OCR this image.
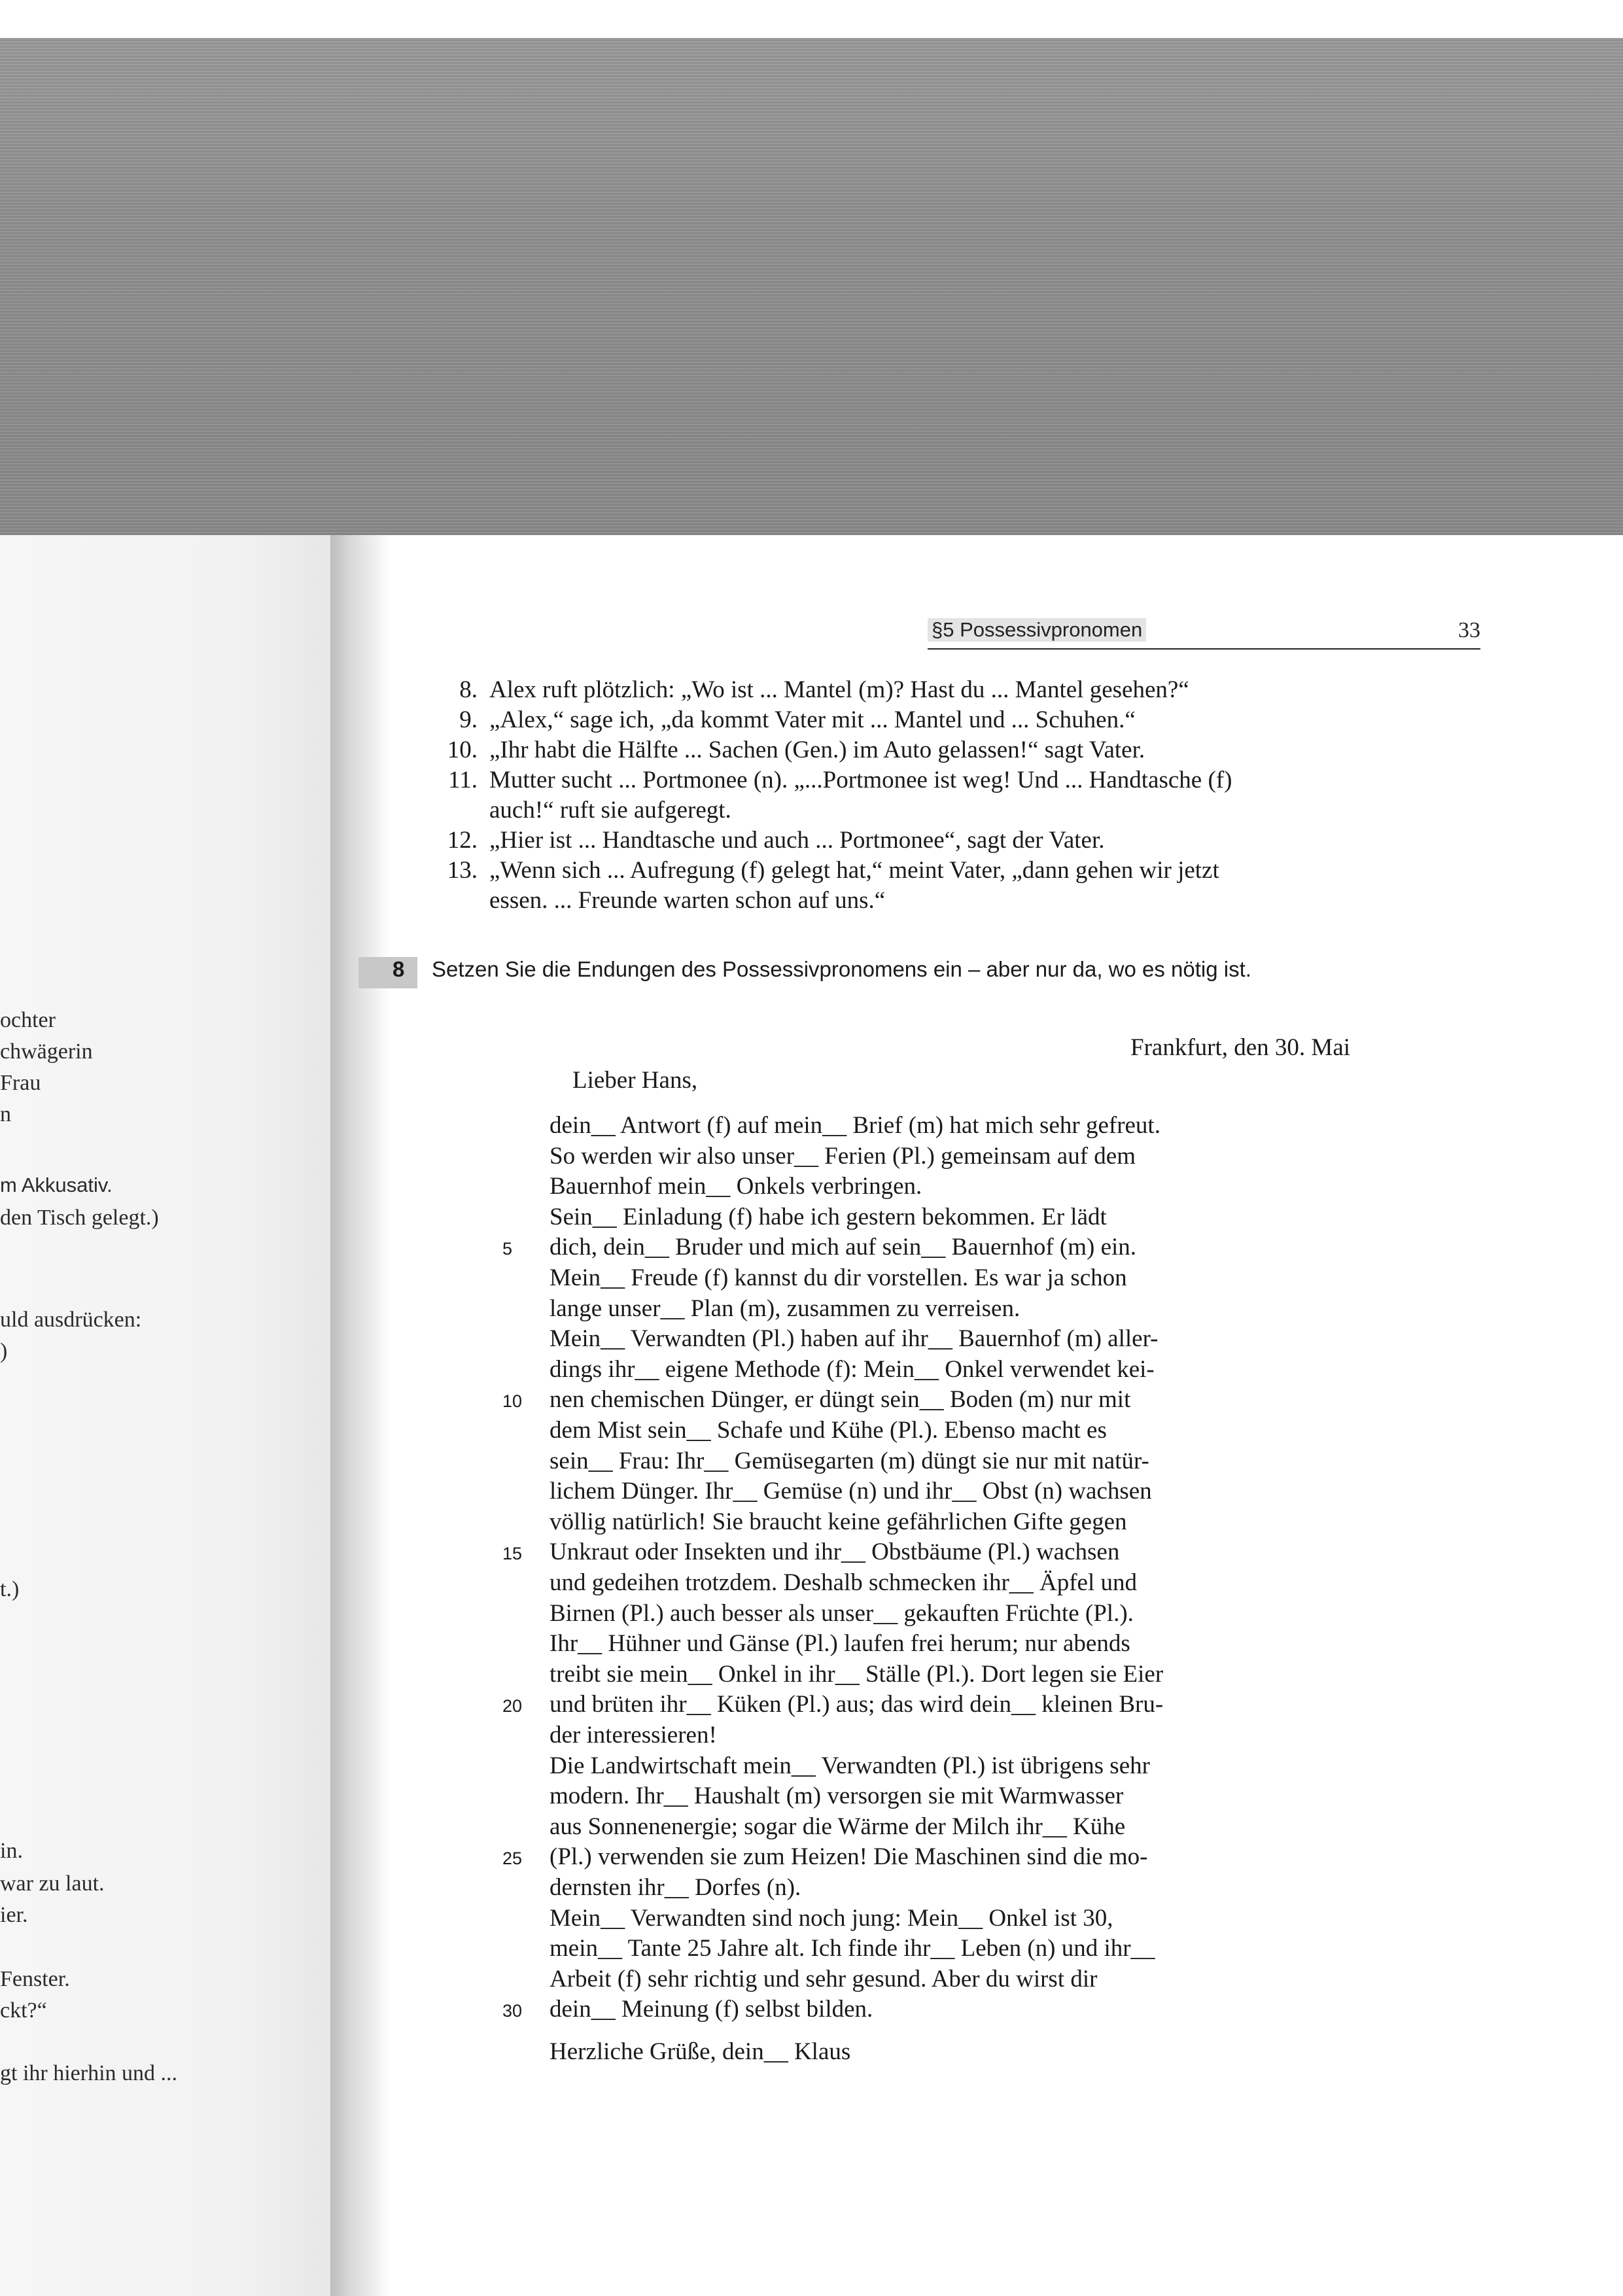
ochter
chwägerin
Frau
n
m Akkusativ.
den Tisch gelegt.)
uld ausdrücken:
)
t.)
in.
war zu laut.
ier.
Fenster.
ckt?“
gt ihr hierhin und ...
§5 Possessivpronomen	33
8. Alex ruft plötzlich: „Wo ist ... Mantel (m)? Hast du ... Mantel gesehen?“
9. „Alex,“ sage ich, „da kommt Vater mit ... Mantel und ... Schuhen.“
10. „Ihr habt die Hälfte ... Sachen (Gen.) im Auto gelassen!“ sagt Vater.
11. Mutter sucht ... Portmonee (n). „...Portmonee ist weg! Und ... Handtasche (f)
auch!“ ruft sie aufgeregt.
12. „Hier ist ... Handtasche und auch ... Portmonee“, sagt der Vater.
13. „Wenn sich ... Aufregung (f) gelegt hat,“ meint Vater, „dann gehen wir jetzt
essen. ... Freunde warten schon auf uns.“
8 Setzen Sie die Endungen des Possessivpronomens ein – aber nur da, wo es nötig ist.
Frankfurt, den 30. Mai
Lieber Hans,
dein__ Antwort (f) auf mein__ Brief (m) hat mich sehr gefreut.
So werden wir also unser__ Ferien (Pl.) gemeinsam auf dem
Bauernhof mein__ Onkels verbringen.
Sein__ Einladung (f) habe ich gestern bekommen. Er lädt
dich, dein__ Bruder und mich auf sein__ Bauernhof (m) ein.
Mein__ Freude (f) kannst du dir vorstellen. Es war ja schon
lange unser__ Plan (m), zusammen zu verreisen.
Mein__ Verwandten (Pl.) haben auf ihr__ Bauernhof (m) aller-
dings ihr__ eigene Methode (f): Mein__ Onkel verwendet kei-
nen chemischen Dünger, er düngt sein__ Boden (m) nur mit
dem Mist sein__ Schafe und Kühe (Pl.). Ebenso macht es
sein__ Frau: Ihr__ Gemüsegarten (m) düngt sie nur mit natür-
lichem Dünger. Ihr__ Gemüse (n) und ihr__ Obst (n) wachsen
völlig natürlich! Sie braucht keine gefährlichen Gifte gegen
Unkraut oder Insekten und ihr__ Obstbäume (Pl.) wachsen
und gedeihen trotzdem. Deshalb schmecken ihr__ Äpfel und
Birnen (Pl.) auch besser als unser__ gekauften Früchte (Pl.).
Ihr__ Hühner und Gänse (Pl.) laufen frei herum; nur abends
treibt sie mein__ Onkel in ihr__ Ställe (Pl.). Dort legen sie Eier
und brüten ihr__ Küken (Pl.) aus; das wird dein__ kleinen Bru-
der interessieren!
Die Landwirtschaft mein__ Verwandten (Pl.) ist übrigens sehr
modern. Ihr__ Haushalt (m) versorgen sie mit Warmwasser
aus Sonnenenergie; sogar die Wärme der Milch ihr__ Kühe
(Pl.) verwenden sie zum Heizen! Die Maschinen sind die mo-
dernsten ihr__ Dorfes (n).
Mein__ Verwandten sind noch jung: Mein__ Onkel ist 30,
mein__ Tante 25 Jahre alt. Ich finde ihr__ Leben (n) und ihr__
Arbeit (f) sehr richtig und sehr gesund. Aber du wirst dir
dein__ Meinung (f) selbst bilden.
5
10
15
20
25
30
Herzliche Grüße, dein__ Klaus
